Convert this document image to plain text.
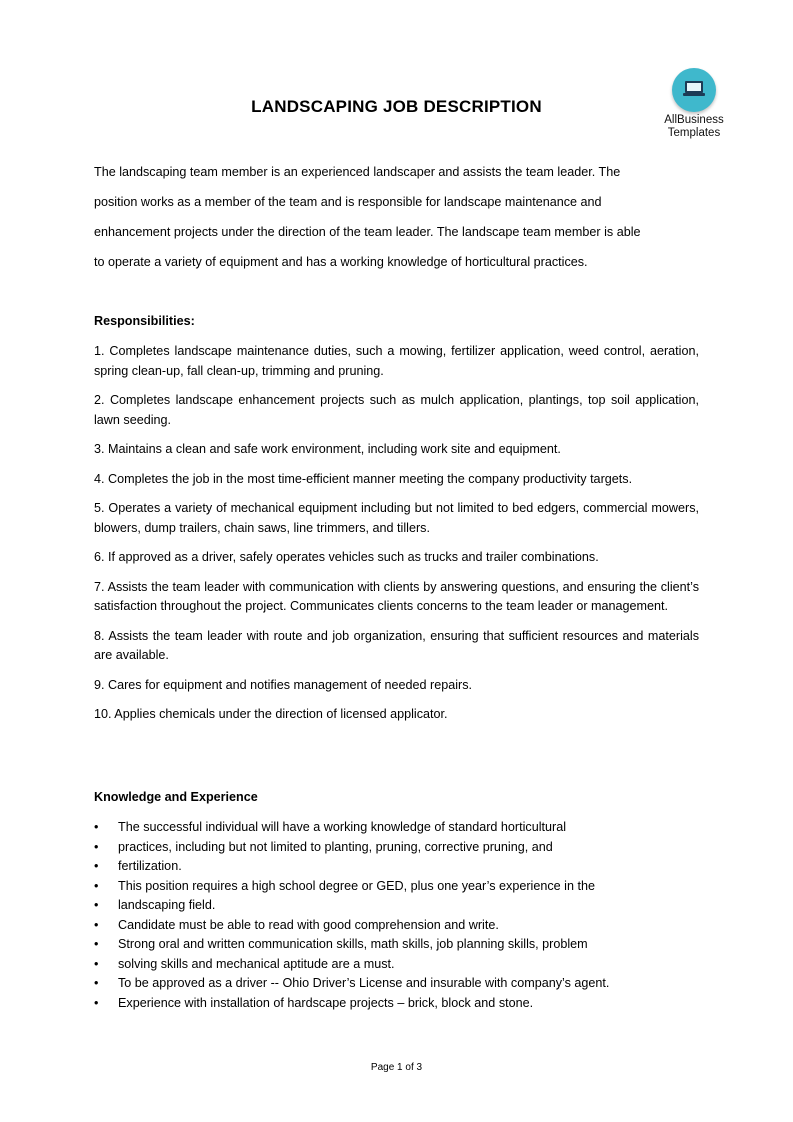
AllBusiness
Templates
LANDSCAPING JOB DESCRIPTION
The landscaping team member is an experienced landscaper and assists the team leader. The
position works as a member of the team and is responsible for landscape maintenance and
enhancement projects under the direction of the team leader. The landscape team member is able
to operate a variety of equipment and has a working knowledge of horticultural practices.
Responsibilities:
1. Completes landscape maintenance duties, such a mowing, fertilizer application, weed control, aeration, spring clean-up, fall clean-up, trimming and pruning.
2. Completes landscape enhancement projects such as mulch application, plantings, top soil application, lawn seeding.
3. Maintains a clean and safe work environment, including work site and equipment.
4. Completes the job in the most time-efficient manner meeting the company productivity targets.
5. Operates a variety of mechanical equipment including but not limited to bed edgers, commercial mowers, blowers, dump trailers, chain saws, line trimmers, and tillers.
6. If approved as a driver, safely operates vehicles such as trucks and trailer combinations.
7. Assists the team leader with communication with clients by answering questions, and ensuring the client’s satisfaction throughout the project. Communicates clients concerns to the team leader or management.
8. Assists the team leader with route and job organization, ensuring that sufficient resources and materials are available.
9. Cares for equipment and notifies management of needed repairs.
10. Applies chemicals under the direction of licensed applicator.
Knowledge and Experience
• The successful individual will have a working knowledge of standard horticultural
• practices, including but not limited to planting, pruning, corrective pruning, and
• fertilization.
• This position requires a high school degree or GED, plus one year’s experience in the
• landscaping field.
• Candidate must be able to read with good comprehension and write.
• Strong oral and written communication skills, math skills, job planning skills, problem
• solving skills and mechanical aptitude are a must.
• To be approved as a driver -- Ohio Driver’s License and insurable with company’s agent.
• Experience with installation of hardscape projects – brick, block and stone.
Page 1 of 3
